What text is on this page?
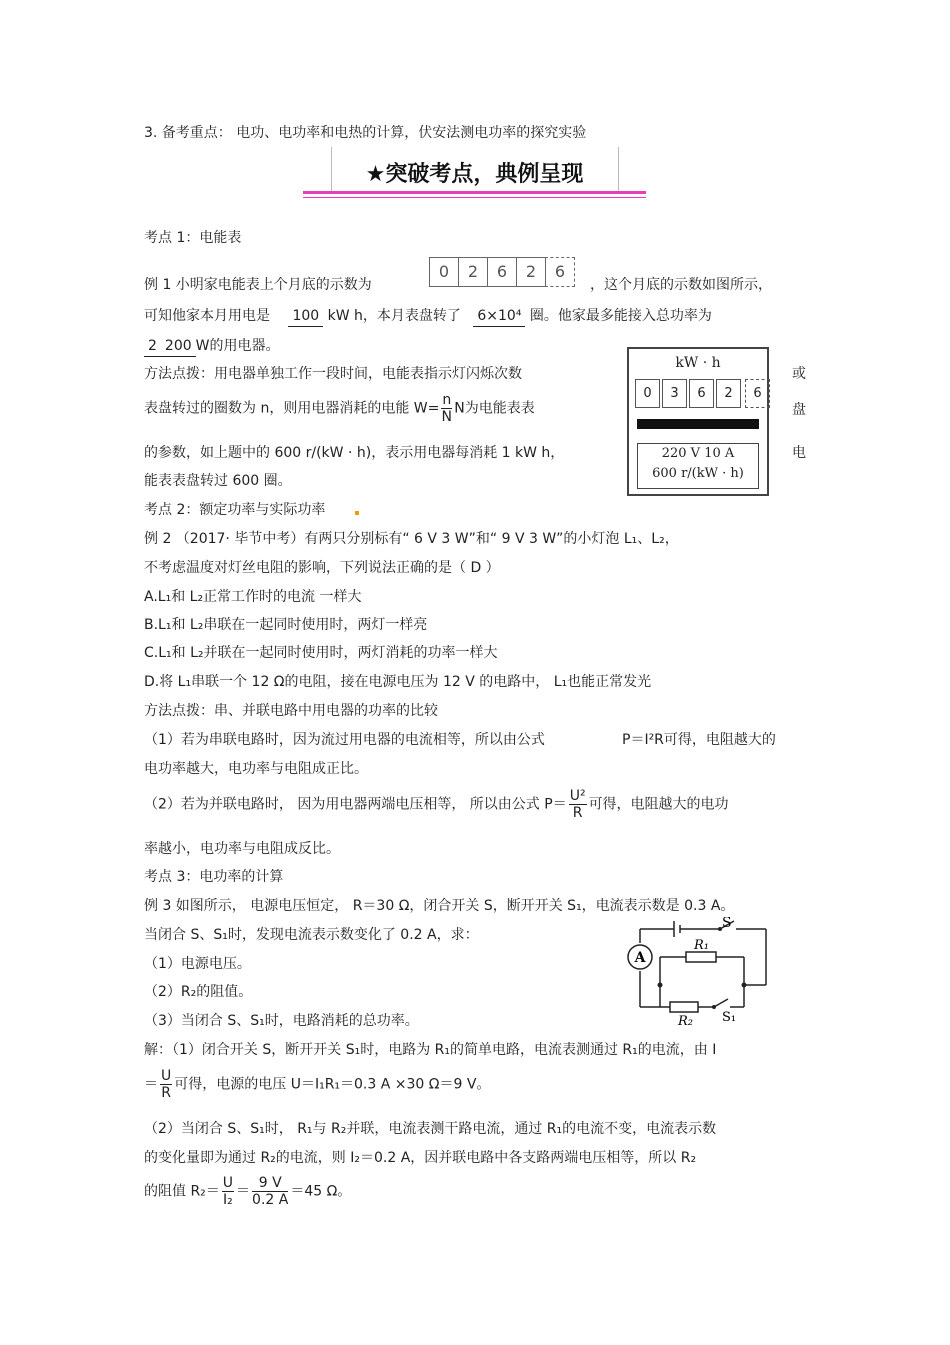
3. 备考重点： 电功、电功率和电热的计算，伏安法测电功率的探究实验
★突破考点，典例呈现
考点 1：电能表
例 1 小明家电能表上个月底的示数为
0	2	6	2	6
，这个月底的示数如图所示，
可知他家本月用电是 100 kW h，本月表盘转了 6×10⁴ 圈。他家最多能接入总功率为
2 200 W的用电器。
方法点拨：用电器单独工作一段时间，电能表指示灯闪烁次数	或
表盘转过的圈数为 n，则用电器消耗的电能 $W= \frac{n}{N}$ N为电能表表	盘
的参数，如上题中的 600 r/(kW · h)，表示用电器每消耗 1 kW h，	电
能表表盘转过 600 圈。
kW · h
0	3	6	2	6
220 V 10 A
600 r/(kW · h)
考点 2：额定功率与实际功率
例 2 （2017· 毕节中考）有两只分别标有“ 6 V 3 W”和“ 9 V 3 W”的小灯泡 L₁、L₂，
不考虑温度对灯丝电阻的影响，下列说法正确的是（ D ）
A.L₁和 L₂正常工作时的电流 一样大
B.L₁和 L₂串联在一起同时使用时，两灯一样亮
C.L₁和 L₂并联在一起同时使用时，两灯消耗的功率一样大
D.将 L₁串联一个 12 Ω的电阻，接在电源电压为 12 V 的电路中， L₁也能正常发光
方法点拨：串、并联电路中用电器的功率的比较
（1）若为串联电路时，因为流过用电器的电流相等，所以由公式	P＝I²R可得，电阻越大的
电功率越大，电功率与电阻成正比。
（2）若为并联电路时， 因为用电器两端电压相等， 所以由公式 $P= \frac{\text{U²}}{R}$ 可得，电阻越大的电功
率越小，电功率与电阻成反比。
考点 3：电功率的计算
例 3 如图所示， 电源电压恒定， R＝30 Ω，闭合开关 S，断开开关 S₁，电流表示数是 0.3 A。
当闭合 S、S₁时，发现电流表示数变化了 0.2 A，求：
（1）电源电压。
（2）R₂的阻值。
（3）当闭合 S、S₁时，电路消耗的总功率。
A
S
R₁
R₂ S₁
解：（1）闭合开关 S，断开开关 S₁时，电路为 R₁的简单电路，电流表测通过 R₁的电流，由 I
＝ $\frac{U}{R}$ 可得，电源的电压 U＝I₁R₁＝0.3 A ×30 Ω＝9 V。
（2）当闭合 S、S₁时， R₁与 R₂并联，电流表测干路电流，通过 R₁的电流不变，电流表示数
的变化量即为通过 R₂的电流，则 I₂＝0.2 A，因并联电路中各支路两端电压相等，所以 R₂
的阻值 $R_2= \frac{U}{\text{I₂}} = \frac{9 V}{0.2 A} =45$ Ω。
